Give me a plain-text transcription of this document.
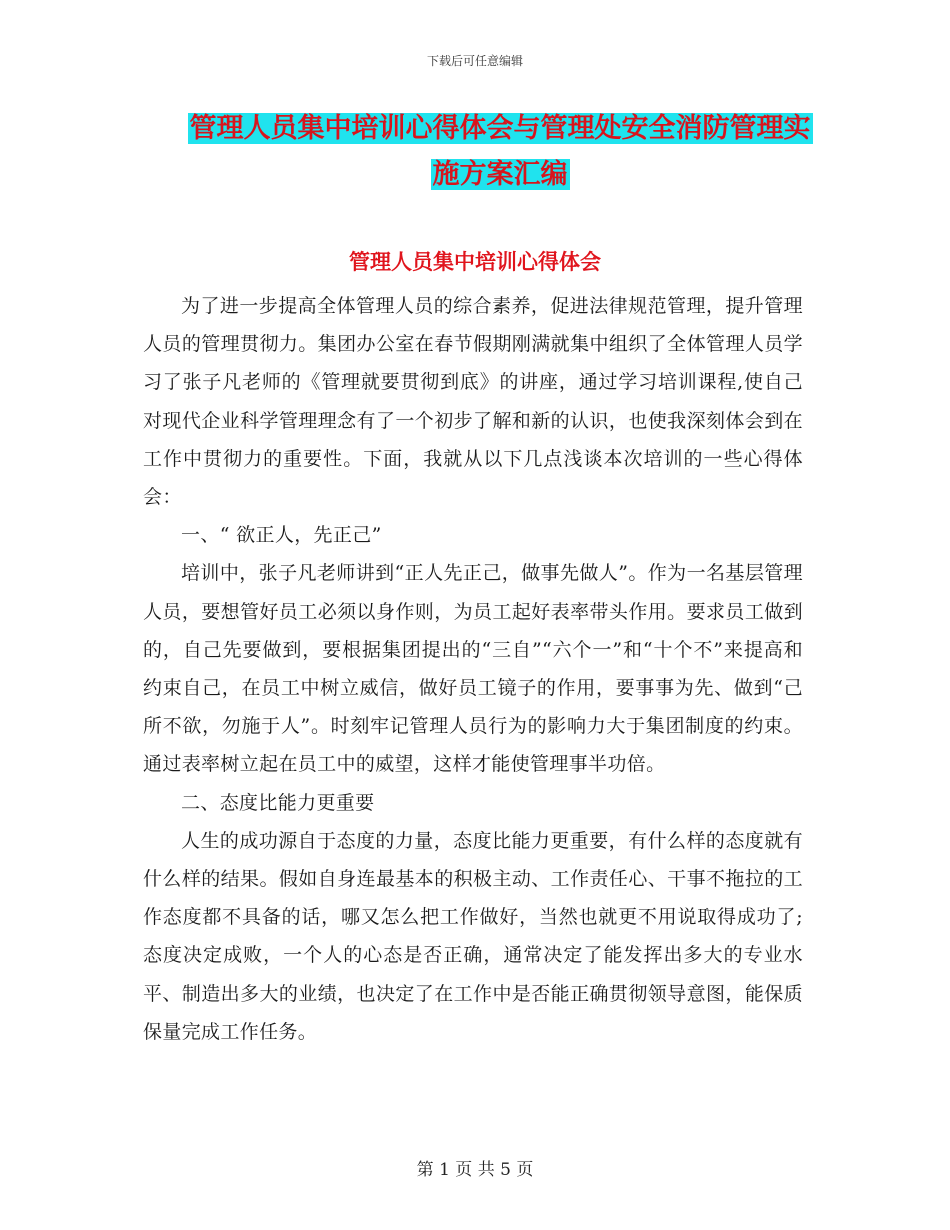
下载后可任意编辑
管理人员集中培训心得体会与管理处安全消防管理实
施方案汇编
管理人员集中培训心得体会

为了进一步提高全体管理人员的综合素养，促进法律规范管理，提升管理人员的管理贯彻力。集团办公室在春节假期刚满就集中组织了全体管理人员学习了张子凡老师的《管理就要贯彻到底》的讲座，通过学习培训课程,使自己对现代企业科学管理理念有了一个初步了解和新的认识，也使我深刻体会到在工作中贯彻力的重要性。下面，我就从以下几点浅谈本次培训的一些心得体会：

一、“ 欲正人，先正己”

培训中，张子凡老师讲到“正人先正己，做事先做人”。作为一名基层管理人员，要想管好员工必须以身作则，为员工起好表率带头作用。要求员工做到的，自己先要做到，要根据集团提出的“三自”“六个一”和“十个不”来提高和约束自己，在员工中树立威信，做好员工镜子的作用，要事事为先、做到“己所不欲，勿施于人”。时刻牢记管理人员行为的影响力大于集团制度的约束。通过表率树立起在员工中的威望，这样才能使管理事半功倍。

二、态度比能力更重要

人生的成功源自于态度的力量，态度比能力更重要，有什么样的态度就有什么样的结果。假如自身连最基本的积极主动、工作责任心、干事不拖拉的工作态度都不具备的话，哪又怎么把工作做好，当然也就更不用说取得成功了;态度决定成败，一个人的心态是否正确，通常决定了能发挥出多大的专业水平、制造出多大的业绩，也决定了在工作中是否能正确贯彻领导意图，能保质保量完成工作任务。

第 1 页 共 5 页
